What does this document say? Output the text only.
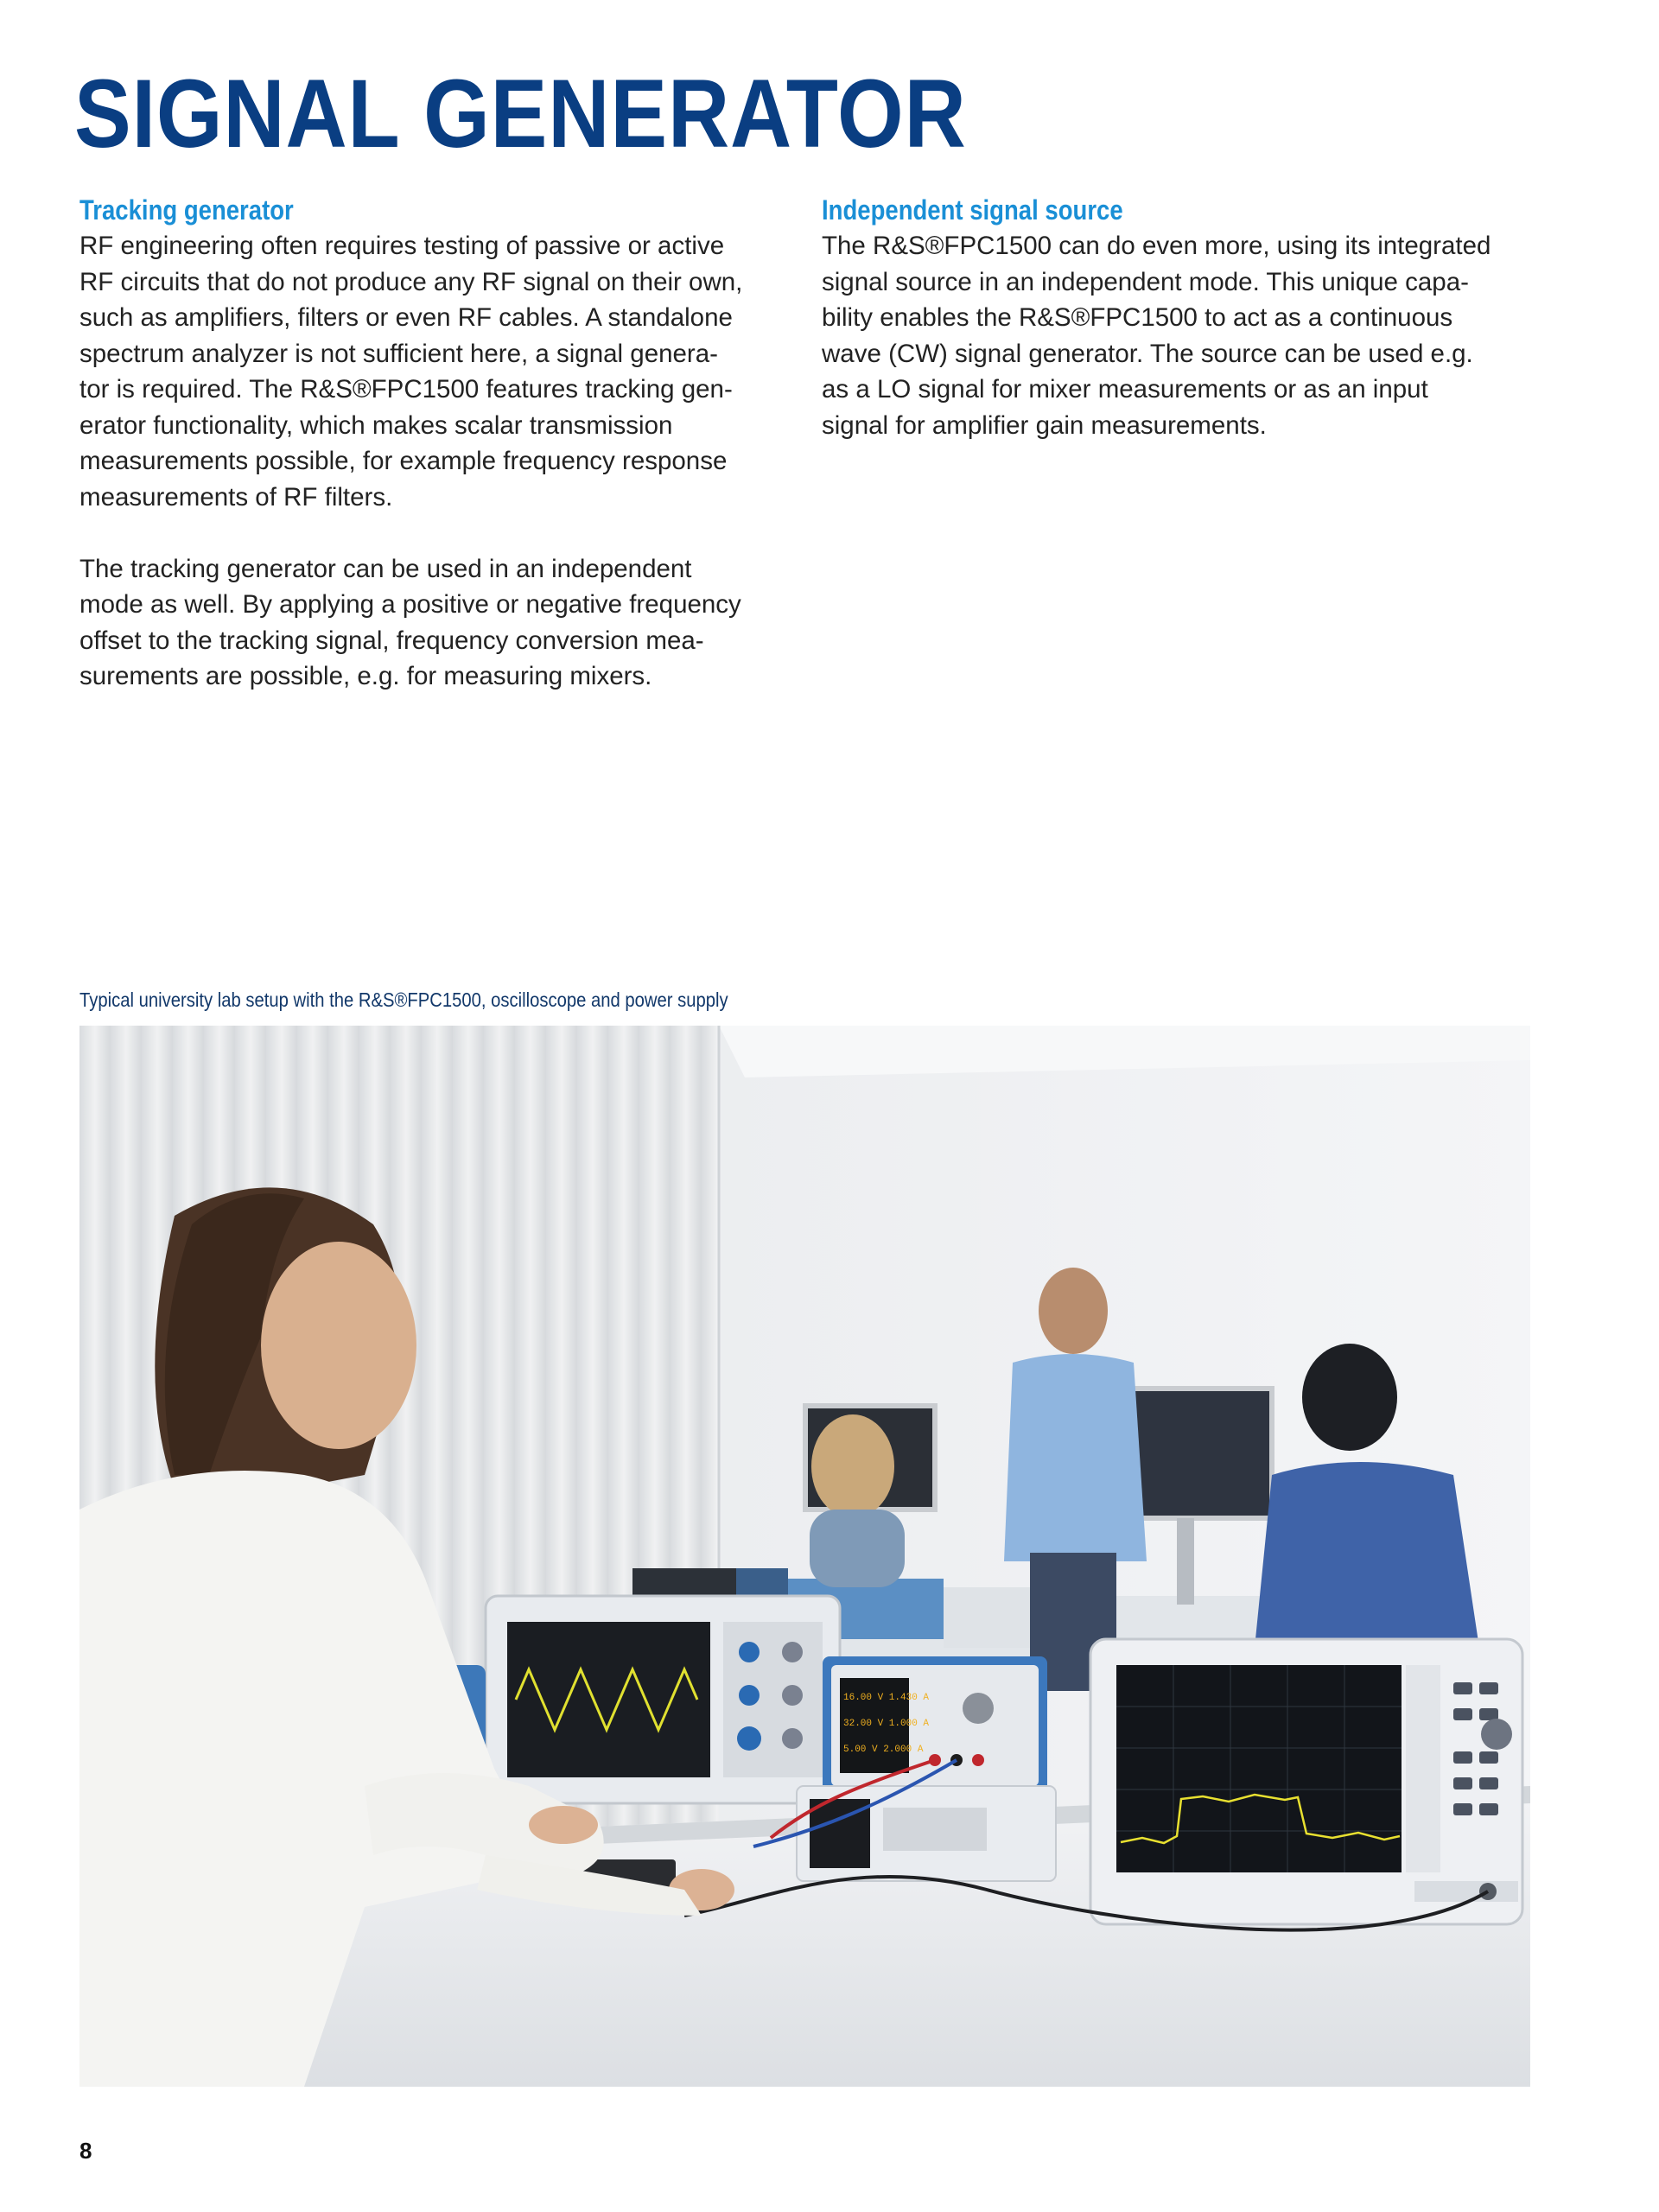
SIGNAL GENERATOR
Tracking generator

RF engineering often requires testing of passive or active
RF circuits that do not produce any RF signal on their own,
such as amplifiers, filters or even RF cables. A standalone
spectrum analyzer is not sufficient here, a signal genera-
tor is required. The R&S®FPC1500 features tracking gen-
erator functionality, which makes scalar transmission
measurements possible, for example frequency response
measurements of RF filters.

The tracking generator can be used in an independent
mode as well. By applying a positive or negative frequency
offset to the tracking signal, frequency conversion mea-
surements are possible, e.g. for measuring mixers.

Independent signal source

The R&S®FPC1500 can do even more, using its integrated
signal source in an independent mode. This unique capa-
bility enables the R&S®FPC1500 to act as a continuous
wave (CW) signal generator. The source can be used e.g.
as a LO signal for mixer measurements or as an input
signal for amplifier gain measurements.

Typical university lab setup with the R&S®FPC1500, oscilloscope and power supply

16.00 V 1.430 A
32.00 V 1.000 A
5.00 V 2.000 A

8
